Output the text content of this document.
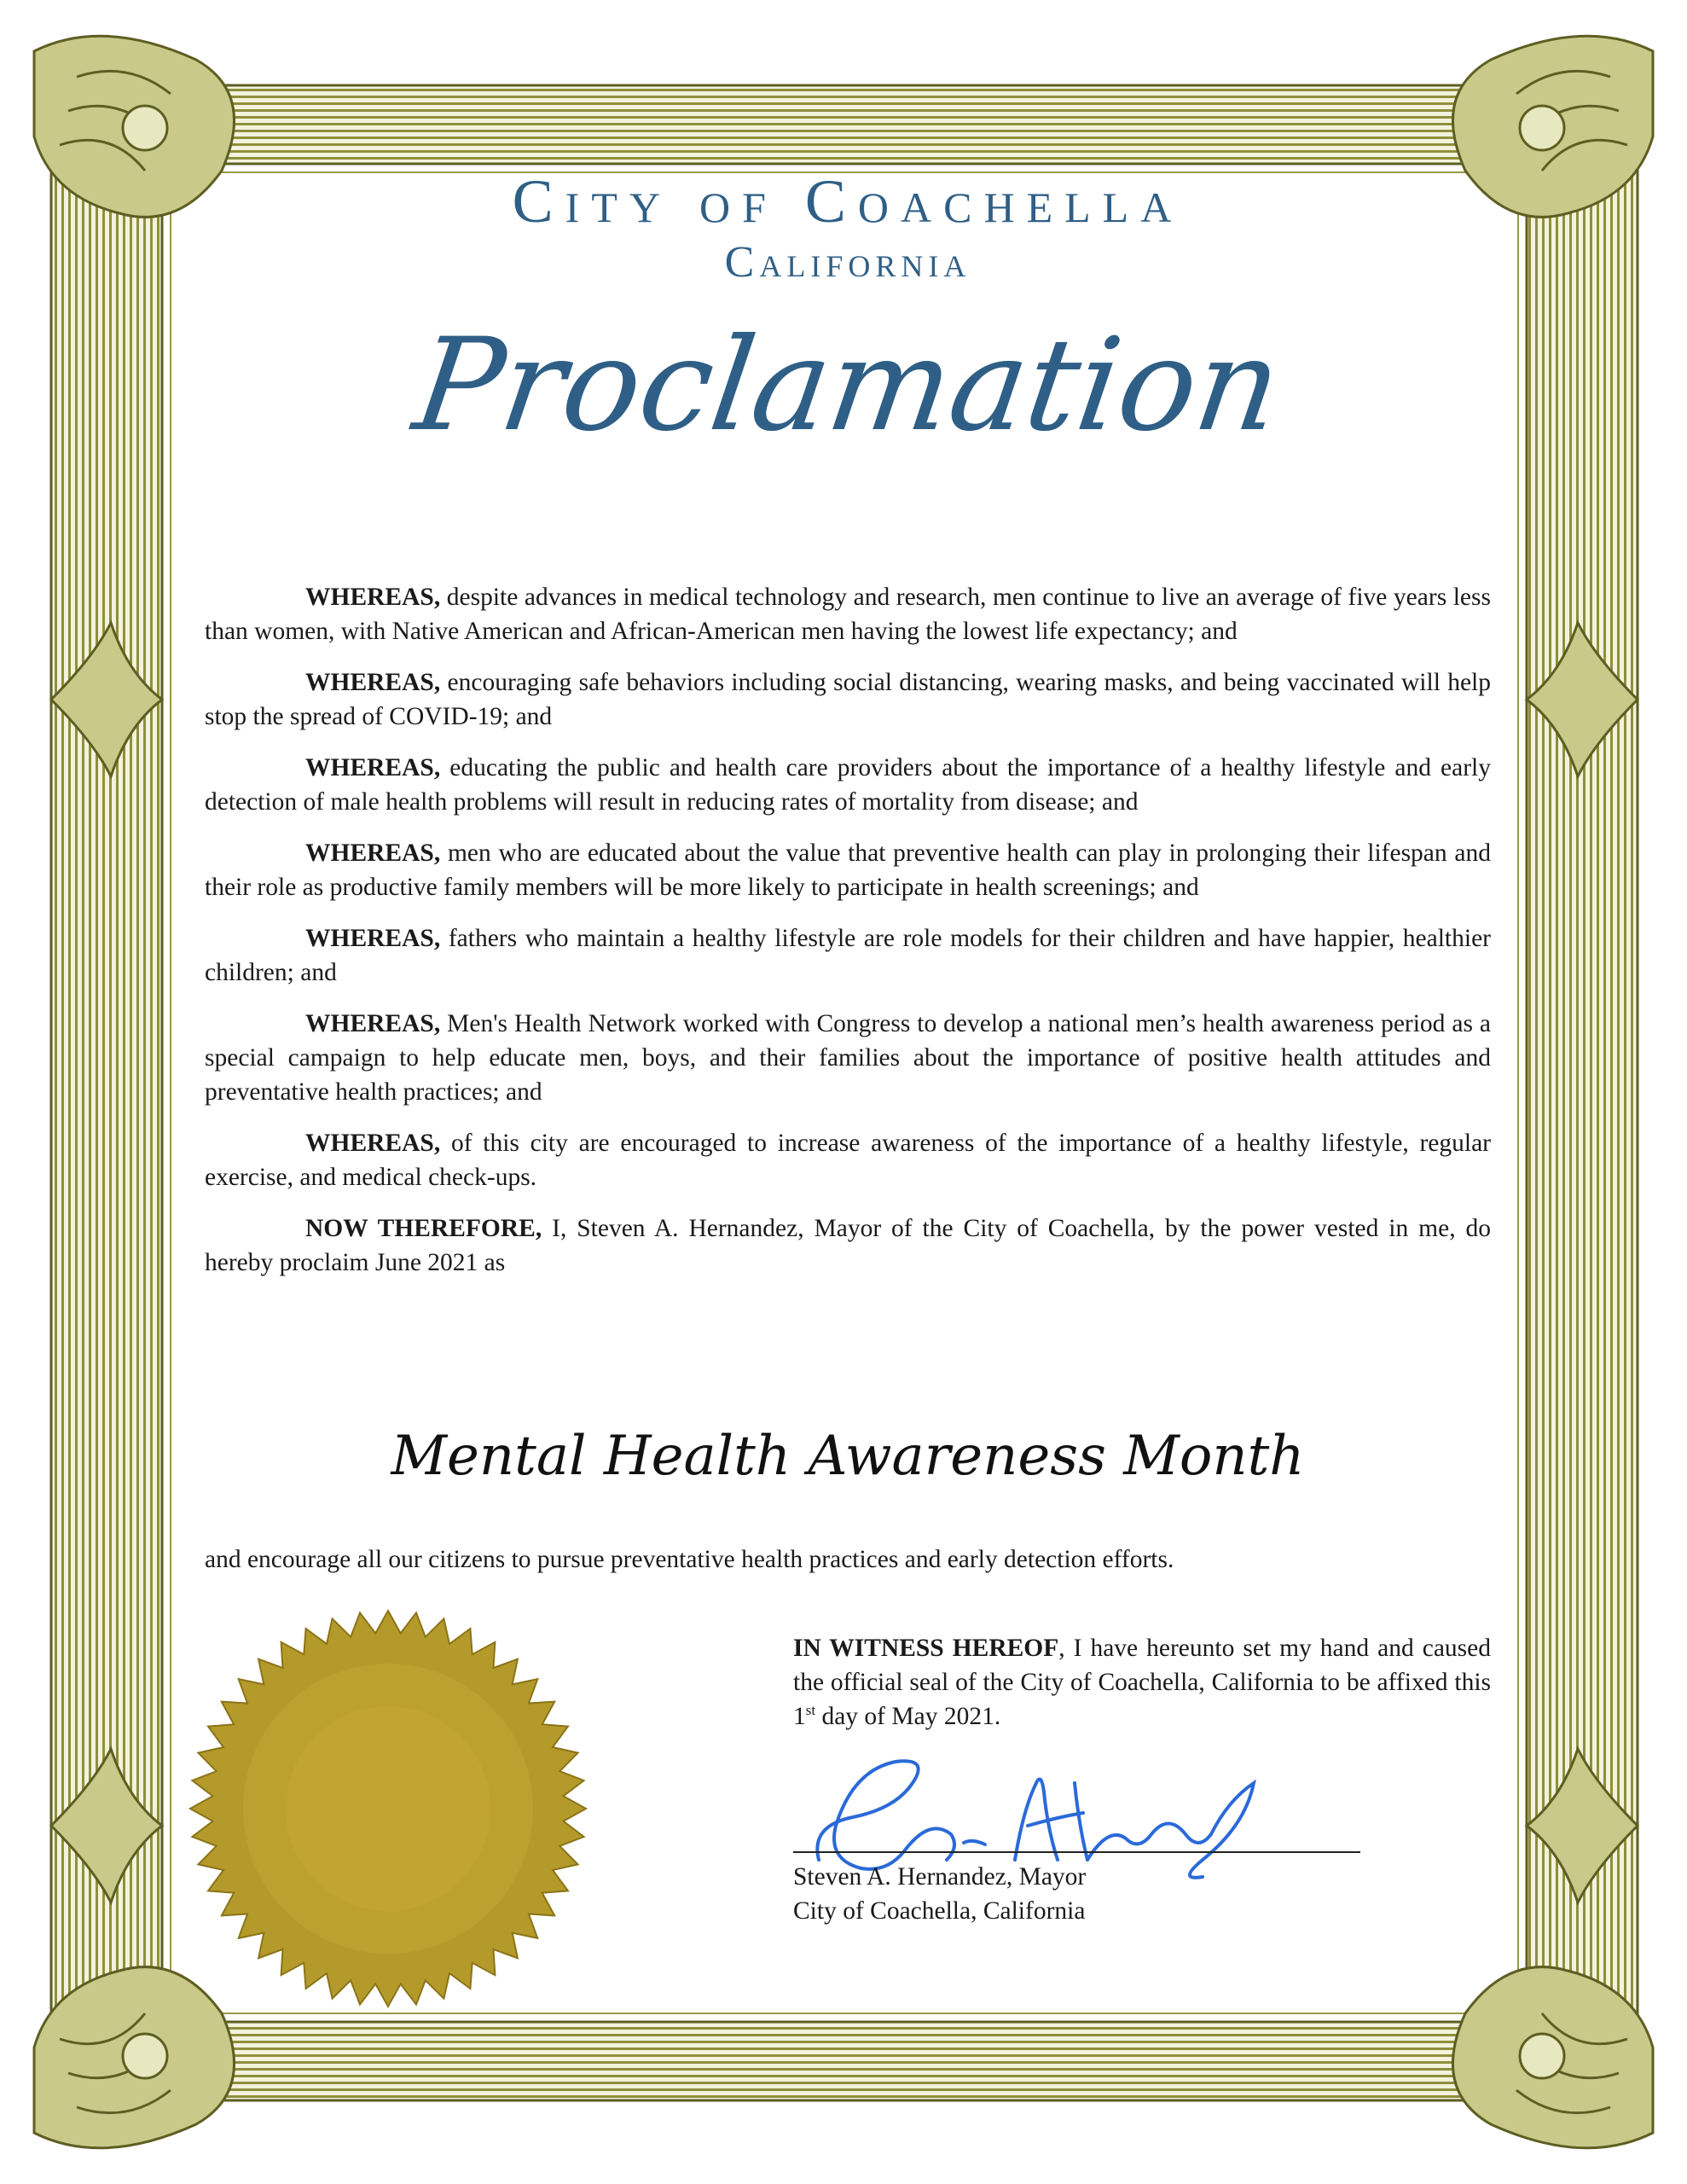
City of Coachella
California
Proclamation

WHEREAS, despite advances in medical technology and research, men continue to live an average of five years less than women, with Native American and African-American men having the lowest life expectancy; and

WHEREAS, encouraging safe behaviors including social distancing, wearing masks, and being vaccinated will help stop the spread of COVID-19; and

WHEREAS, educating the public and health care providers about the importance of a healthy lifestyle and early detection of male health problems will result in reducing rates of mortality from disease; and

WHEREAS, men who are educated about the value that preventive health can play in prolonging their lifespan and their role as productive family members will be more likely to participate in health screenings; and

WHEREAS, fathers who maintain a healthy lifestyle are role models for their children and have happier, healthier children; and

WHEREAS, Men's Health Network worked with Congress to develop a national men’s health awareness period as a special campaign to help educate men, boys, and their families about the importance of positive health attitudes and preventative health practices; and

WHEREAS, of this city are encouraged to increase awareness of the importance of a healthy lifestyle, regular exercise, and medical check-ups.

NOW THEREFORE, I, Steven A. Hernandez, Mayor of the City of Coachella, by the power vested in me, do hereby proclaim June 2021 as

Mental Health Awareness Month
and encourage all our citizens to pursue preventative health practices and early detection efforts.
IN WITNESS HEREOF, I have hereunto set my hand and caused the official seal of the City of Coachella, California to be affixed this 1st day of May 2021.
Steven A. Hernandez, Mayor
City of Coachella, California
